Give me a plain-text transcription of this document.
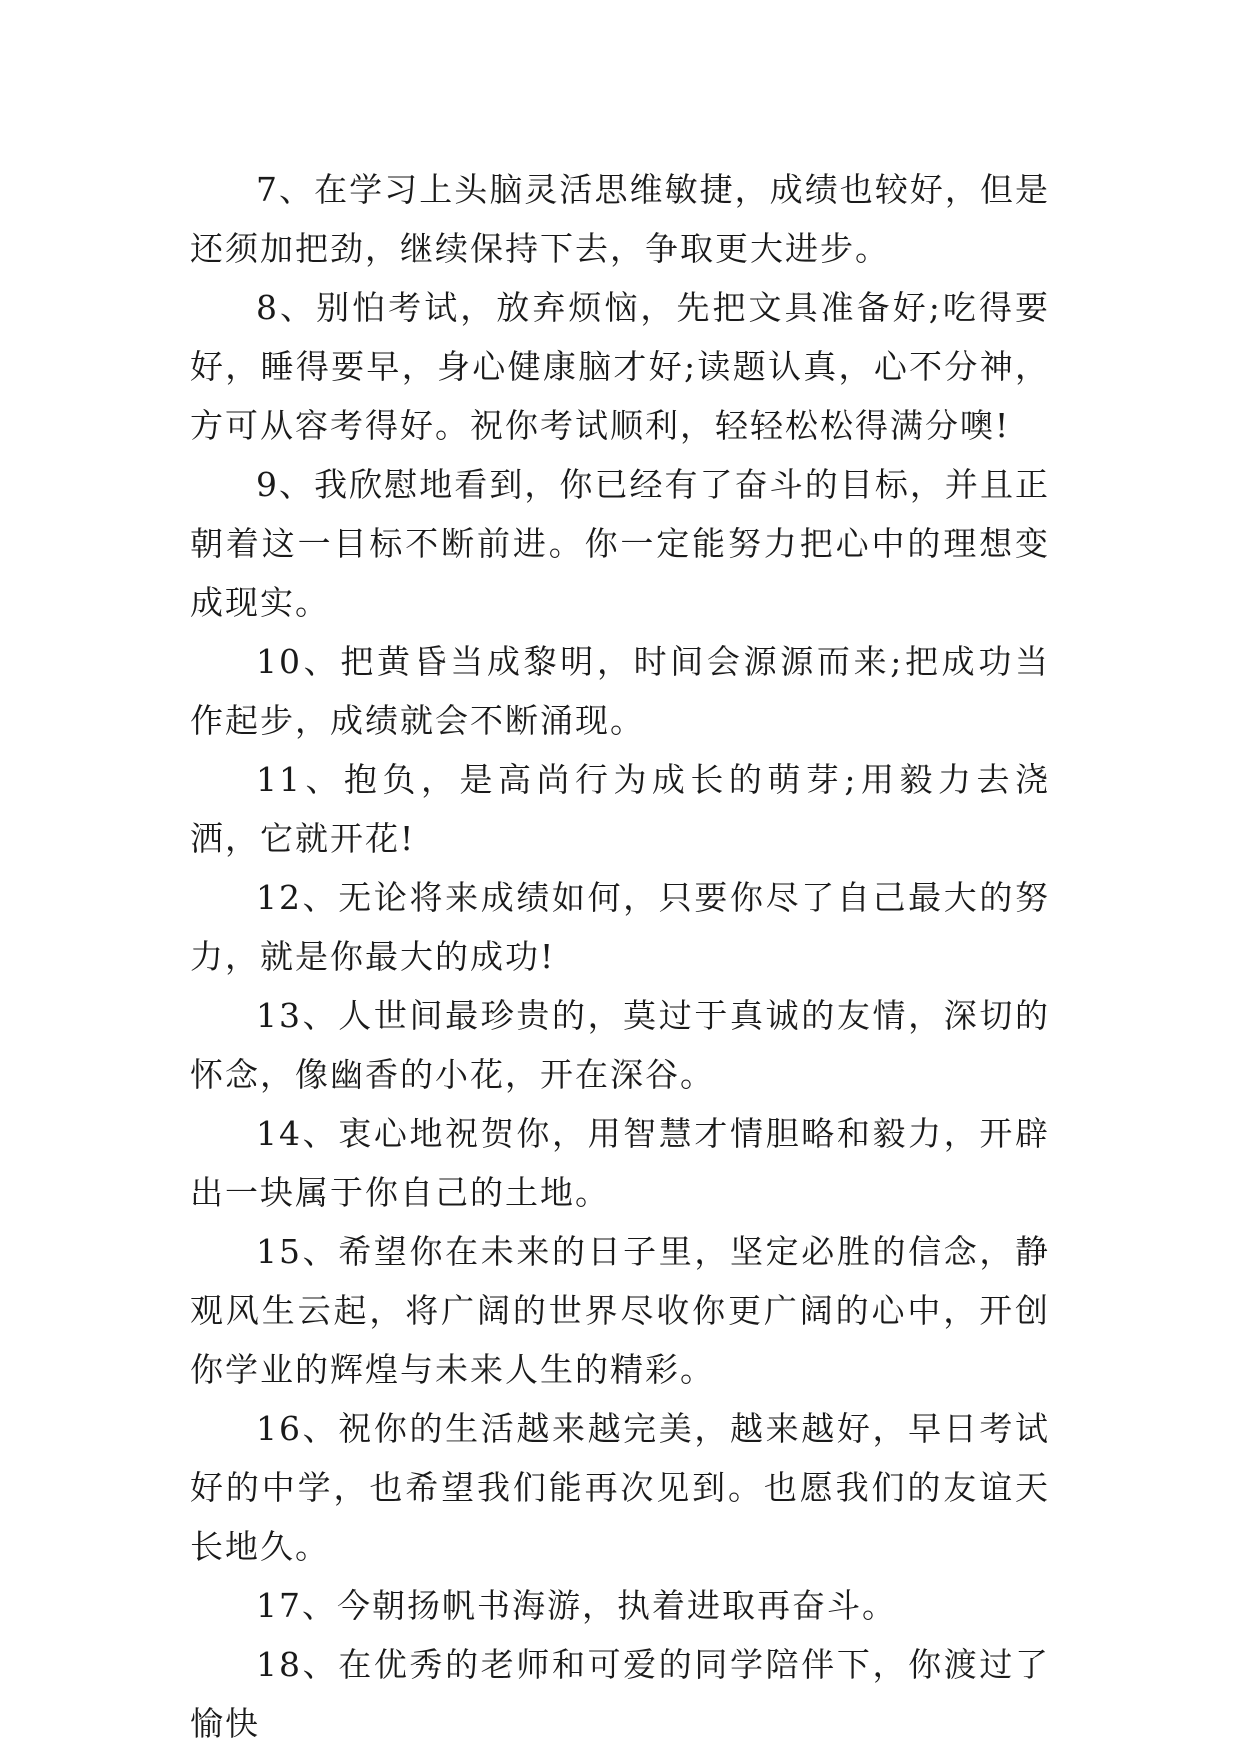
7、在学习上头脑灵活思维敏捷，成绩也较好，但是还须加把劲，继续保持下去，争取更大进步。

8、别怕考试，放弃烦恼，先把文具准备好;吃得要好，睡得要早，身心健康脑才好;读题认真，心不分神，方可从容考得好。祝你考试顺利，轻轻松松得满分噢!

9、我欣慰地看到，你已经有了奋斗的目标，并且正朝着这一目标不断前进。你一定能努力把心中的理想变成现实。

10、把黄昏当成黎明，时间会源源而来;把成功当作起步，成绩就会不断涌现。

11、抱负，是高尚行为成长的萌芽;用毅力去浇洒，它就开花!

12、无论将来成绩如何，只要你尽了自己最大的努力，就是你最大的成功!

13、人世间最珍贵的，莫过于真诚的友情，深切的怀念，像幽香的小花，开在深谷。

14、衷心地祝贺你，用智慧才情胆略和毅力，开辟出一块属于你自己的土地。

15、希望你在未来的日子里，坚定必胜的信念，静观风生云起，将广阔的世界尽收你更广阔的心中，开创你学业的辉煌与未来人生的精彩。

16、祝你的生活越来越完美，越来越好，早日考试好的中学，也希望我们能再次见到。也愿我们的友谊天长地久。

17、今朝扬帆书海游，执着进取再奋斗。

18、在优秀的老师和可爱的同学陪伴下，你渡过了愉快
